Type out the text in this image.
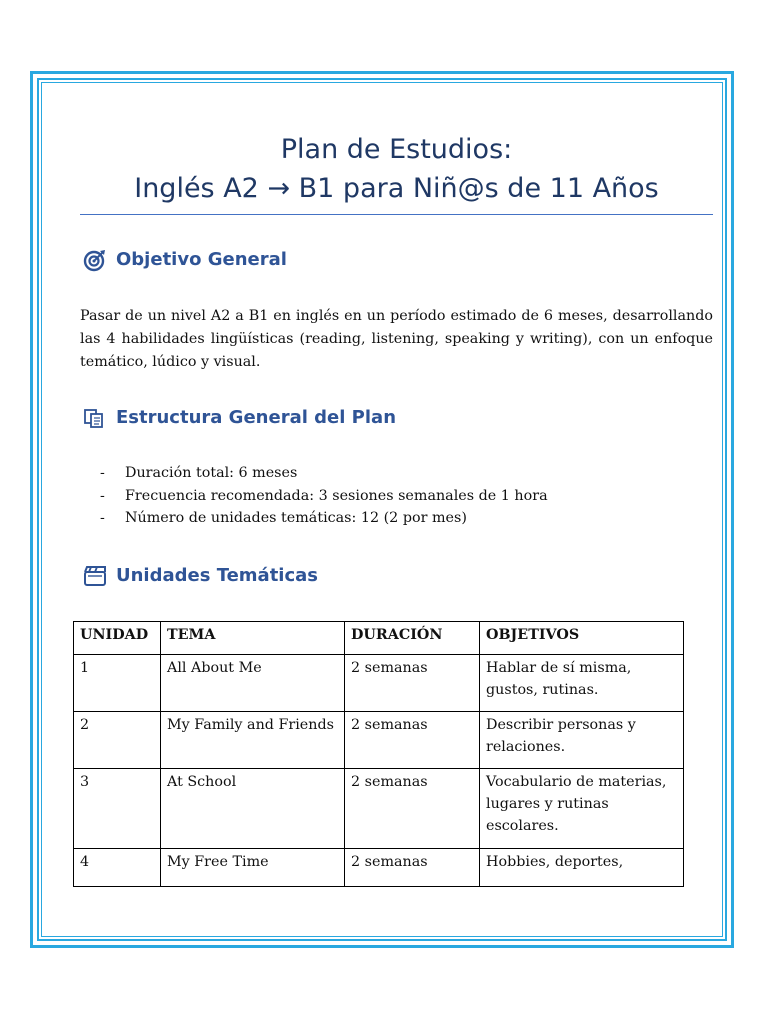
Plan de Estudios:
Inglés A2 → B1 para Niñ@s de 11 Años
Objetivo General
Pasar de un nivel A2 a B1 en inglés en un período estimado de 6 meses, desarrollando las 4 habilidades lingüísticas (reading, listening, speaking y writing), con un enfoque temático, lúdico y visual.
Estructura General del Plan
-	Duración total: 6 meses
-	Frecuencia recomendada: 3 sesiones semanales de 1 hora
-	Número de unidades temáticas: 12 (2 por mes)
Unidades Temáticas
UNIDAD	TEMA	DURACIÓN	OBJETIVOS
1	All About Me	2 semanas	Hablar de sí misma, gustos, rutinas.
2	My Family and Friends	2 semanas	Describir personas y relaciones.
3	At School	2 semanas	Vocabulario de materias, lugares y rutinas escolares.
4	My Free Time	2 semanas	Hobbies, deportes,
